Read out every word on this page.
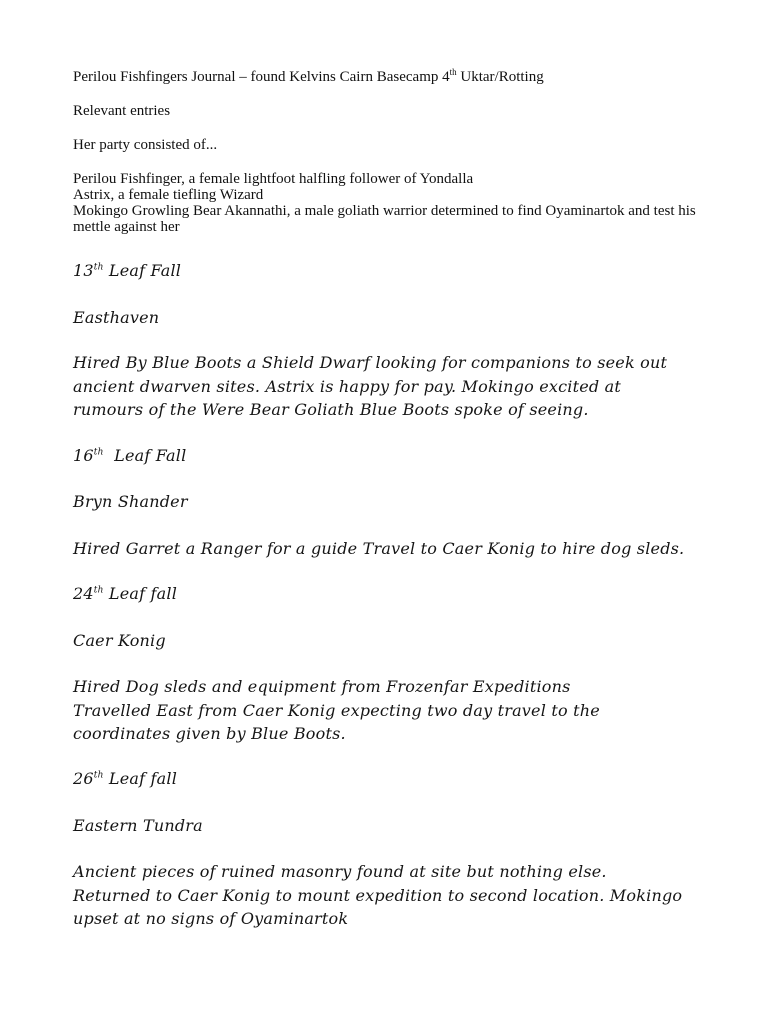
Perilou Fishfingers Journal – found Kelvins Cairn Basecamp 4th Uktar/Rotting

Relevant entries

Her party consisted of...

Perilou Fishfinger, a female lightfoot halfling follower of Yondalla
Astrix, a female tiefling Wizard
Mokingo Growling Bear Akannathi, a male goliath warrior determined to find Oyaminartok and test his mettle against her

13th Leaf Fall

Easthaven

Hired By Blue Boots a Shield Dwarf looking for companions to seek out
ancient dwarven sites. Astrix is happy for pay. Mokingo excited at
rumours of the Were Bear Goliath Blue Boots spoke of seeing.

16th  Leaf Fall

Bryn Shander

Hired Garret a Ranger for a guide Travel to Caer Konig to hire dog sleds.

24th Leaf fall

Caer Konig

Hired Dog sleds and equipment from Frozenfar Expeditions
Travelled East from Caer Konig expecting two day travel to the
coordinates given by Blue Boots.

26th Leaf fall

Eastern Tundra

Ancient pieces of ruined masonry found at site but nothing else.
Returned to Caer Konig to mount expedition to second location. Mokingo
upset at no signs of Oyaminartok
